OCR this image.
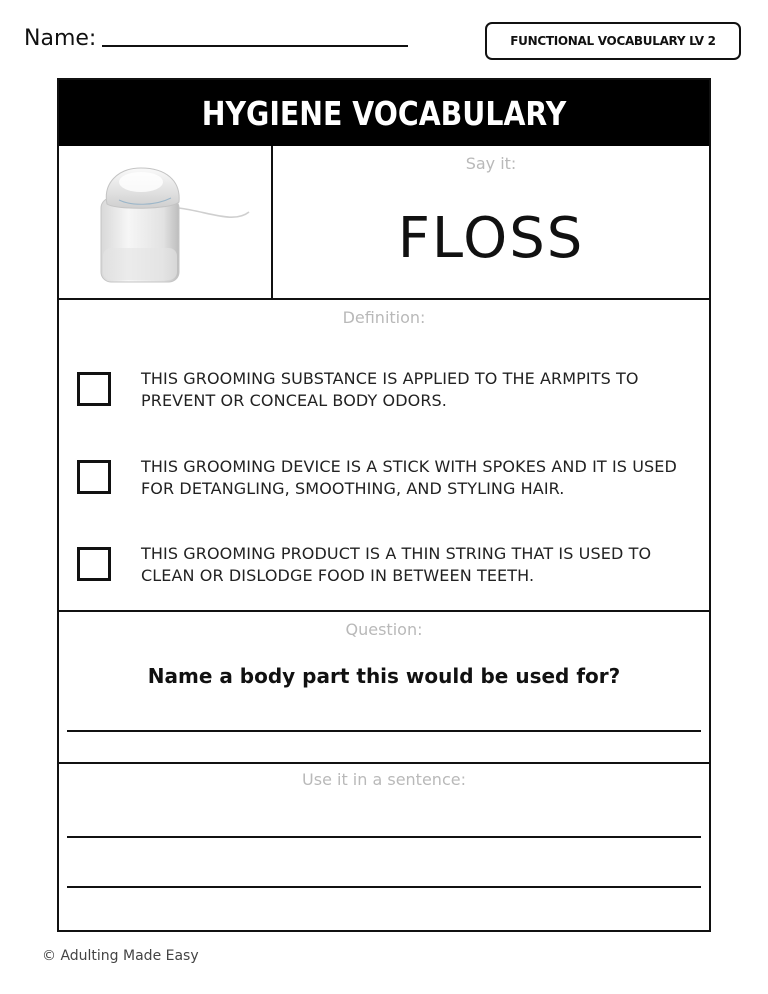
Name:	FUNCTIONAL VOCABULARY LV 2
HYGIENE VOCABULARY
Say it:
FLOSS
Definition:
THIS GROOMING SUBSTANCE IS APPLIED TO THE ARMPITS TO PREVENT OR CONCEAL BODY ODORS.
THIS GROOMING DEVICE IS A STICK WITH SPOKES AND IT IS USED FOR DETANGLING, SMOOTHING, AND STYLING HAIR.
THIS GROOMING PRODUCT IS A THIN STRING THAT IS USED TO CLEAN OR DISLODGE FOOD IN BETWEEN TEETH.
Question:
Name a body part this would be used for?
Use it in a sentence:
© Adulting Made Easy
